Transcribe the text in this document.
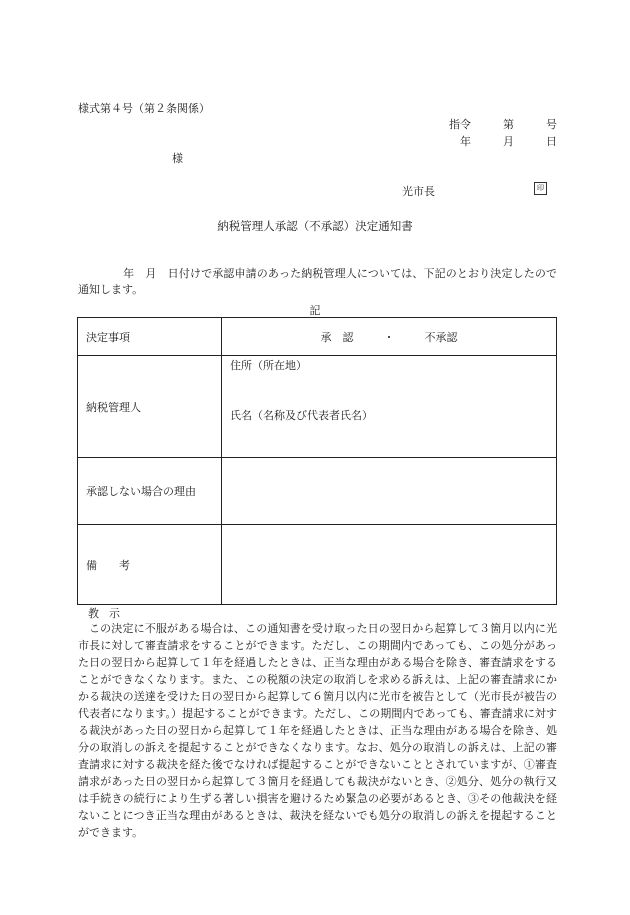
様式第４号（第２条関係）
指令	第	号
年	月	日
様
光市長	印
納税管理人承認（不承認）決定通知書
年　月　日付けで承認申請のあった納税管理人については、下記のとおり決定したので通知します。
記
決定事項	承　認 ・ 不承認

納税管理人	住所（所在地）
氏名（名称及び代表者氏名）

承認しない場合の理由	
備　　考	
教示
この決定に不服がある場合は、この通知書を受け取った日の翌日から起算して３箇月以内に光市長に対して審査請求をすることができます。ただし、この期間内であっても、この処分があった日の翌日から起算して１年を経過したときは、正当な理由がある場合を除き、審査請求をすることができなくなります。また、この税額の決定の取消しを求める訴えは、上記の審査請求にかかる裁決の送達を受けた日の翌日から起算して６箇月以内に光市を被告として（光市長が被告の代表者になります。）提起することができます。ただし、この期間内であっても、審査請求に対する裁決があった日の翌日から起算して１年を経過したときは、正当な理由がある場合を除き、処分の取消しの訴えを提起することができなくなります。なお、処分の取消しの訴えは、上記の審査請求に対する裁決を経た後でなければ提起することができないこととされていますが、①審査請求があった日の翌日から起算して３箇月を経過しても裁決がないとき、②処分、処分の執行又は手続きの続行により生ずる著しい損害を避けるため緊急の必要があるとき、③その他裁決を経ないことにつき正当な理由があるときは、裁決を経ないでも処分の取消しの訴えを提起することができます。
